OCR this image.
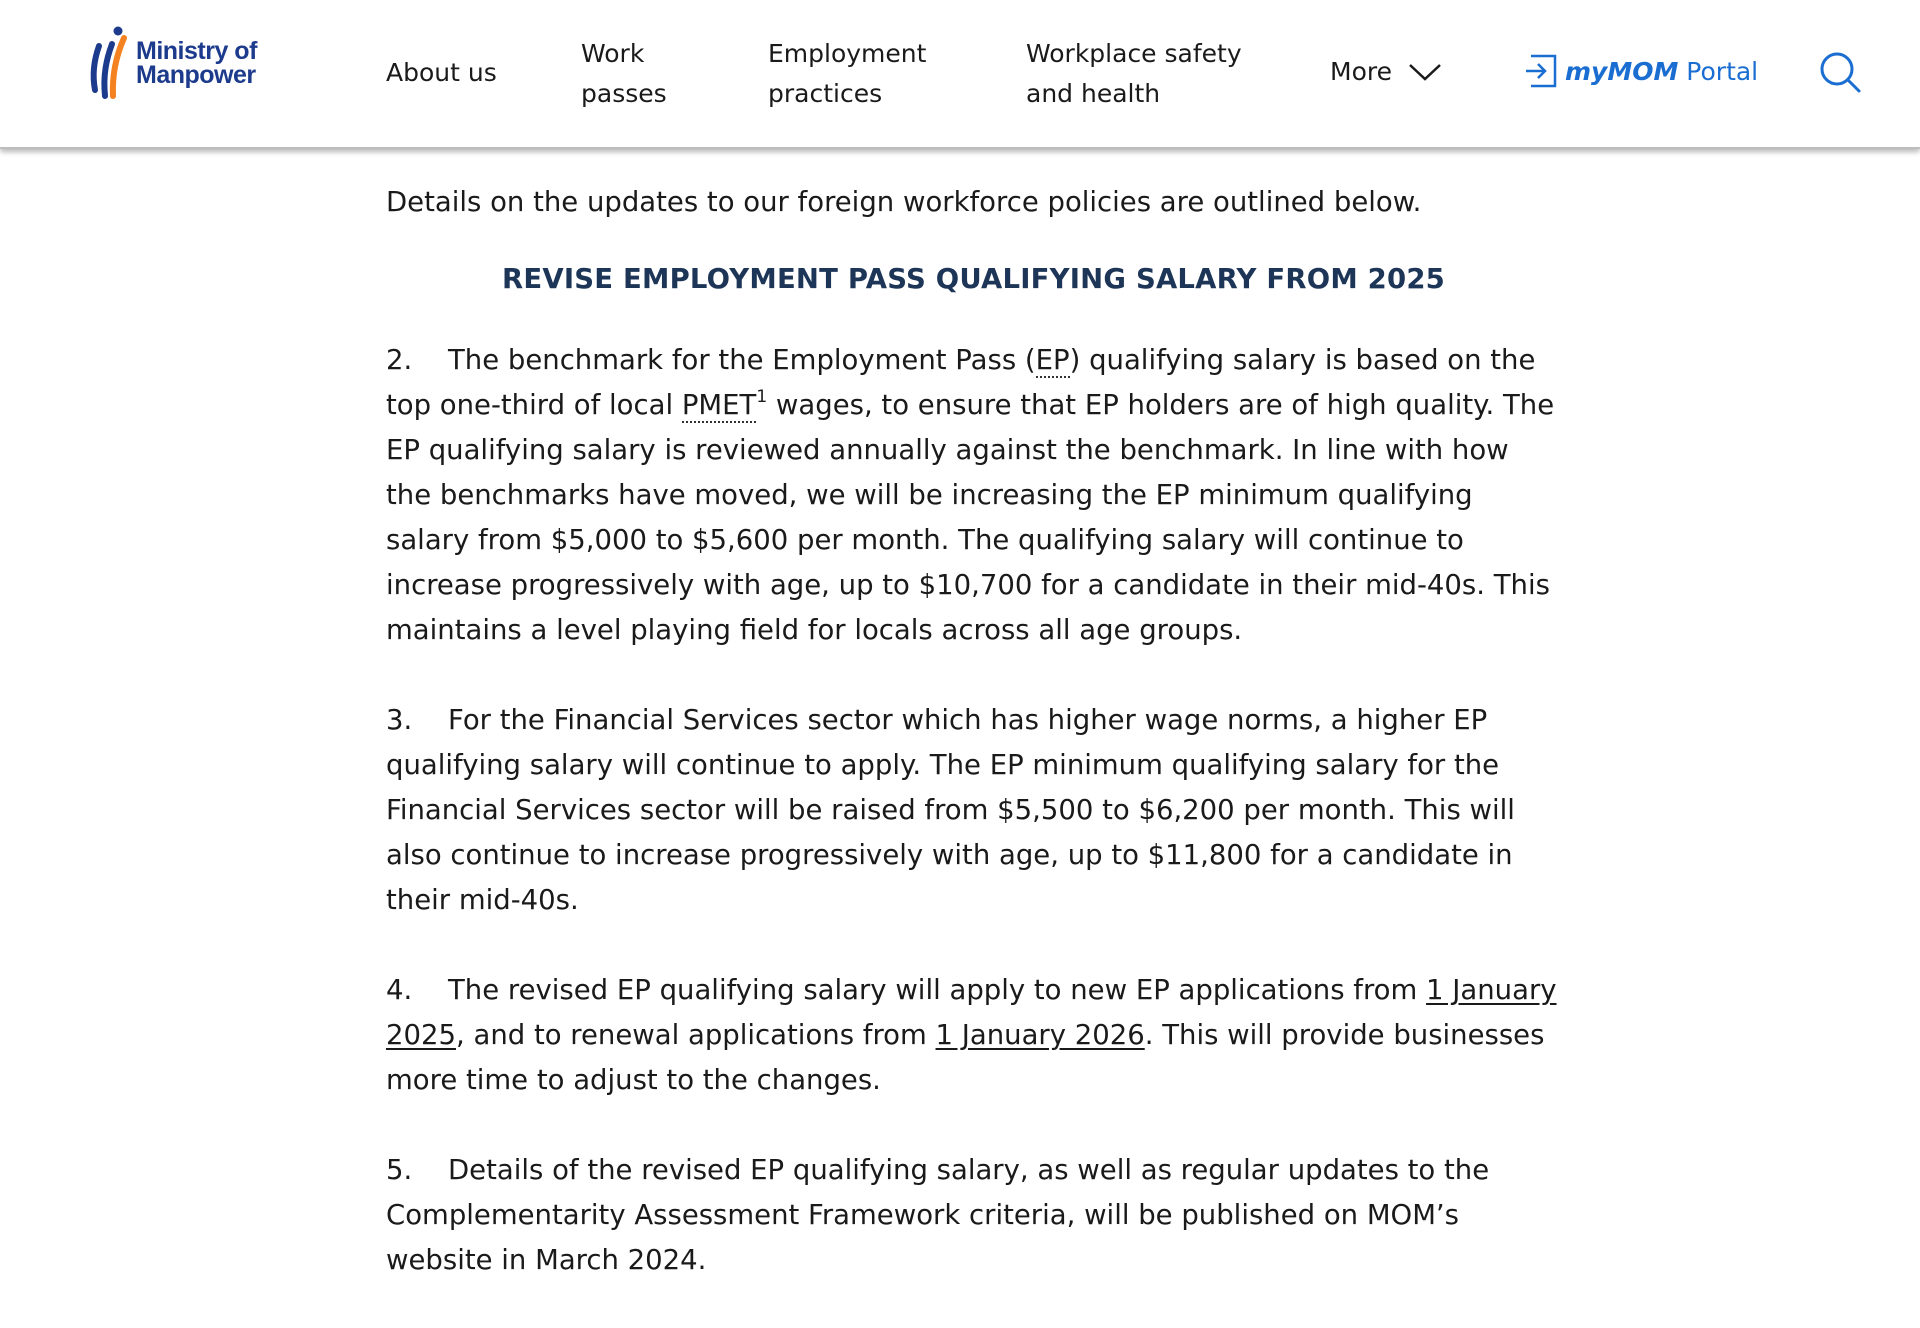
Ministry of
Manpower	About us
Work passes
Employment practices
Workplace safety and health
More	myMOM Portal

Details on the updates to our foreign workforce policies are outlined below.

REVISE EMPLOYMENT PASS QUALIFYING SALARY FROM 2025

2. The benchmark for the Employment Pass (EP) qualifying salary is based on the top one-third of local PMET$^1$ wages, to ensure that EP holders are of high quality. The EP qualifying salary is reviewed annually against the benchmark. In line with how the benchmarks have moved, we will be increasing the EP minimum qualifying salary from $5,000 to $5,600 per month. The qualifying salary will continue to increase progressively with age, up to $10,700 for a candidate in their mid-40s. This maintains a level playing field for locals across all age groups.

3. For the Financial Services sector which has higher wage norms, a higher EP qualifying salary will continue to apply. The EP minimum qualifying salary for the Financial Services sector will be raised from $5,500 to $6,200 per month. This will also continue to increase progressively with age, up to $11,800 for a candidate in their mid-40s.

4. The revised EP qualifying salary will apply to new EP applications from 1 January 2025, and to renewal applications from 1 January 2026. This will provide businesses more time to adjust to the changes.

5. Details of the revised EP qualifying salary, as well as regular updates to the Complementarity Assessment Framework criteria, will be published on MOM’s website in March 2024.
